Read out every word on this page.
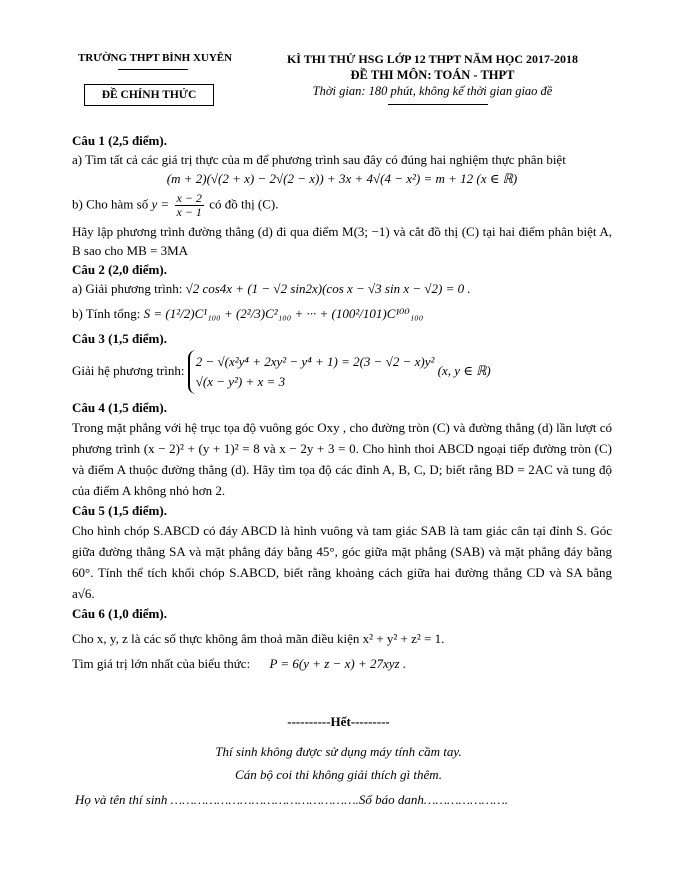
TRƯỜNG THPT BÌNH XUYÊN
ĐỀ CHÍNH THỨC
KÌ THI THỬ HSG LỚP 12 THPT NĂM HỌC 2017-2018
ĐỀ THI MÔN: TOÁN - THPT
Thời gian: 180 phút, không kể thời gian giao đề

Câu 1 (2,5 điểm).

a) Tìm tất cả các giá trị thực của m để phương trình sau đây có đúng hai nghiệm thực phân biệt

(m + 2)(√(2 + x) − 2√(2 − x)) + 3x + 4√(4 − x²) = m + 12 (x ∈ ℝ)

b) Cho hàm số $y = \frac{x - 2}{x - 1}$ có đồ thị (C).

Hãy lập phương trình đường thẳng (d) đi qua điểm M(3; −1) và cắt đồ thị (C) tại hai điểm phân biệt A, B sao cho MB = 3MA

Câu 2 (2,0 điểm).

a) Giải phương trình: √2 cos4x + (1 − √2 sin2x)(cos x − √3 sin x − √2) = 0 .

b) Tính tổng: S = (1²/2)C¹₁₀₀ + (2²/3)C²₁₀₀ + ··· + (100²/101)C¹⁰⁰₁₀₀

Câu 3 (1,5 điểm).

Giải hệ phương trình: 2 − √(x²y⁴ + 2xy² − y⁴ + 1) = 2(3 − √2 − x)y²
√(x − y²) + x = 3 (x, y ∈ ℝ)

Câu 4 (1,5 điểm).

Trong mặt phẳng với hệ trục tọa độ vuông góc Oxy , cho đường tròn (C) và đường thẳng (d) lần lượt có phương trình (x − 2)² + (y + 1)² = 8 và x − 2y + 3 = 0. Cho hình thoi ABCD ngoại tiếp đường tròn (C) và điểm A thuộc đường thẳng (d). Hãy tìm tọa độ các đỉnh A, B, C, D; biết rằng BD = 2AC và tung độ của điểm A không nhỏ hơn 2.

Câu 5 (1,5 điểm).

Cho hình chóp S.ABCD có đáy ABCD là hình vuông và tam giác SAB là tam giác cân tại đỉnh S. Góc giữa đường thẳng SA và mặt phẳng đáy bằng 45°, góc giữa mặt phẳng (SAB) và mặt phẳng đáy bằng 60°. Tính thể tích khối chóp S.ABCD, biết rằng khoảng cách giữa hai đường thẳng CD và SA bằng a√6.

Câu 6 (1,0 điểm).

Cho x, y, z là các số thực không âm thoả mãn điều kiện x² + y² + z² = 1.

Tìm giá trị lớn nhất của biểu thức: P = 6(y + z − x) + 27xyz .

----------Hết---------
Thí sinh không được sử dụng máy tính cầm tay.
Cán bộ coi thi không giải thích gì thêm.
Họ và tên thí sinh ………………………………………….Số báo danh………………….
